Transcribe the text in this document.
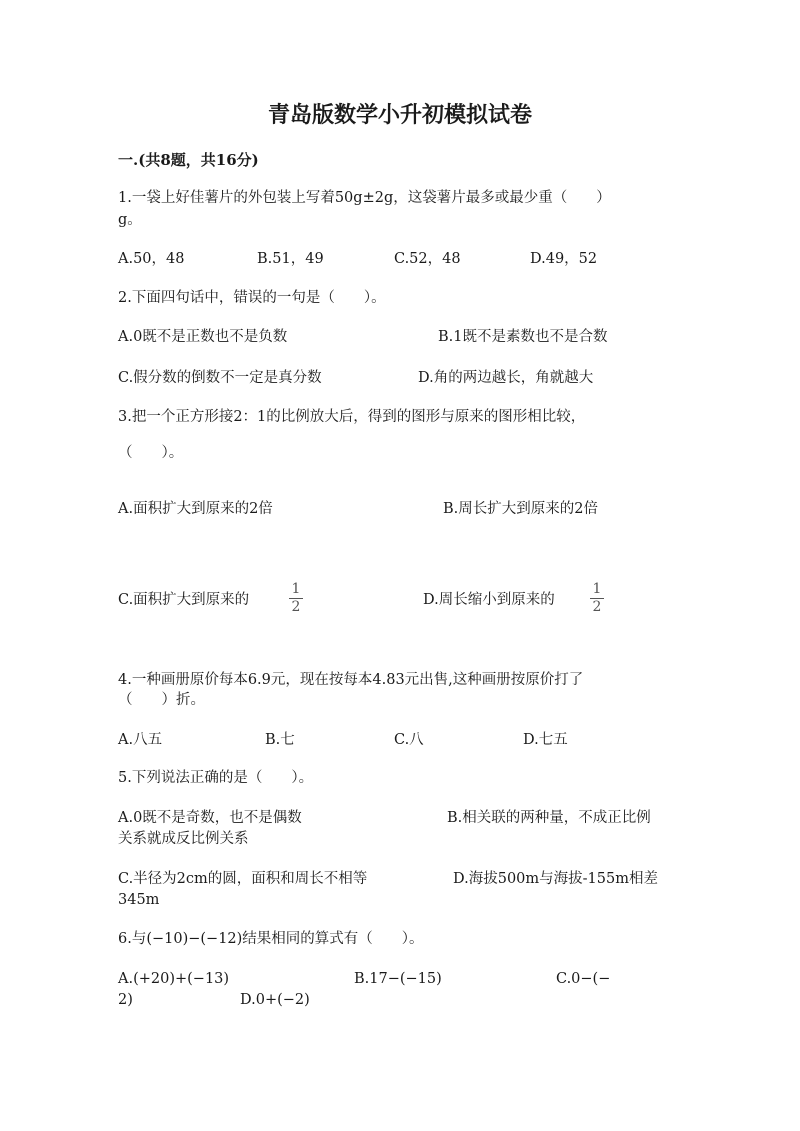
青岛版数学小升初模拟试卷
一.(共8题，共16分)
1.一袋上好佳薯片的外包装上写着50g±2g，这袋薯片最多或最少重（　　）
g。
A.50，48	B.51，49	C.52，48	D.49，52
2.下面四句话中，错误的一句是（　　）。
A.0既不是正数也不是负数	B.1既不是素数也不是合数
C.假分数的倒数不一定是真分数	D.角的两边越长，角就越大
3.把一个正方形接2：1的比例放大后，得到的图形与原来的图形相比较，
（　　）。
A.面积扩大到原来的2倍	B.周长扩大到原来的2倍
C.面积扩大到原来的
1
2	D.周长缩小到原来的
1
2
4.一种画册原价每本6.9元，现在按每本4.83元出售,这种画册按原价打了
（　　）折。
A.八五	B.七	C.八	D.七五
5.下列说法正确的是（　　）。
A.0既不是奇数，也不是偶数	B.相关联的两种量，不成正比例
关系就成反比例关系
C.半径为2cm的圆，面积和周长不相等	D.海拔500m与海拔-155m相差
345m
6.与(−10)−(−12)结果相同的算式有（　　）。
A.(+20)+(−13)	B.17−(−15)	C.0−(−
2)	D.0+(−2)
